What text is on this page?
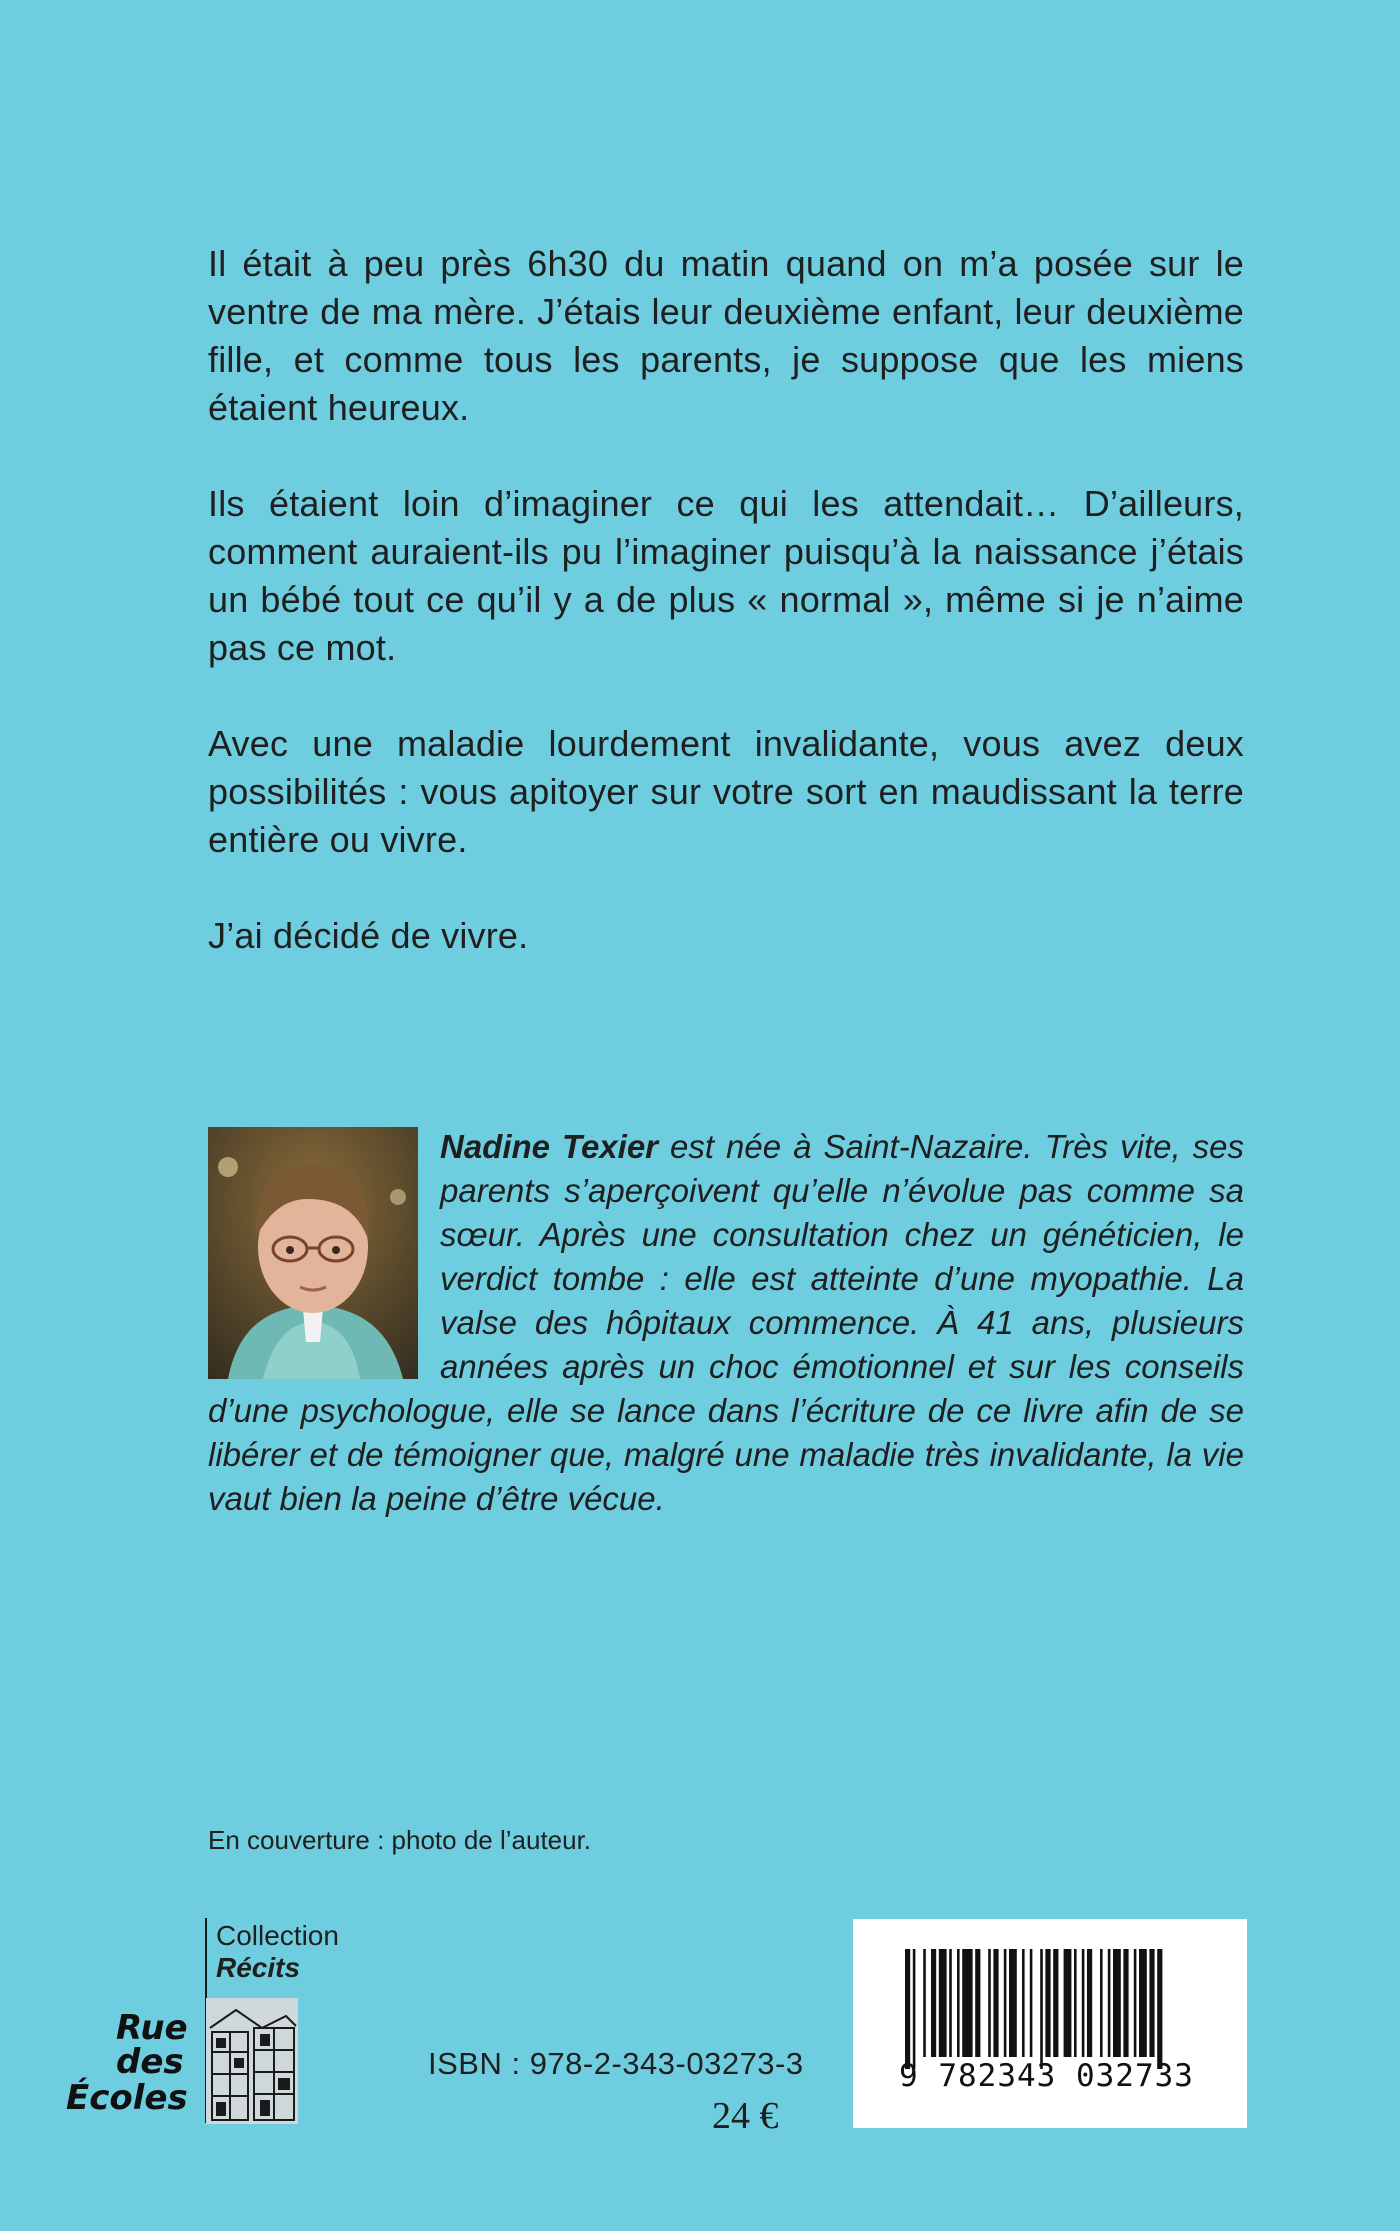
Il était à peu près 6h30 du matin quand on m’a posée sur le ventre de ma mère. J’étais leur deuxième enfant, leur deuxième fille, et comme tous les parents, je suppose que les miens étaient heureux.

Ils étaient loin d’imaginer ce qui les attendait… D’ailleurs, comment auraient-ils pu l’imaginer puisqu’à la naissance j’étais un bébé tout ce qu’il y a de plus « normal », même si je n’aime pas ce mot.

Avec une maladie lourdement invalidante, vous avez deux possibilités : vous apitoyer sur votre sort en maudissant la terre entière ou vivre.

J’ai décidé de vivre.

Nadine Texier est née à Saint-Nazaire. Très vite, ses parents s’aperçoivent qu’elle n’évolue pas comme sa sœur. Après une consultation chez un généticien, le verdict tombe : elle est atteinte d’une myopathie. La valse des hôpitaux commence. À 41 ans, plusieurs années après un choc émotionnel et sur les conseils d’une psychologue, elle se lance dans l’écriture de ce livre afin de se libérer et de témoigner que, malgré une maladie très invalidante, la vie vaut bien la peine d’être vécue.
En couverture : photo de l’auteur.
Collection
Récits
Rue
des
Écoles
ISBN : 978-2-343-03273-3
24 €
9 782343 032733
